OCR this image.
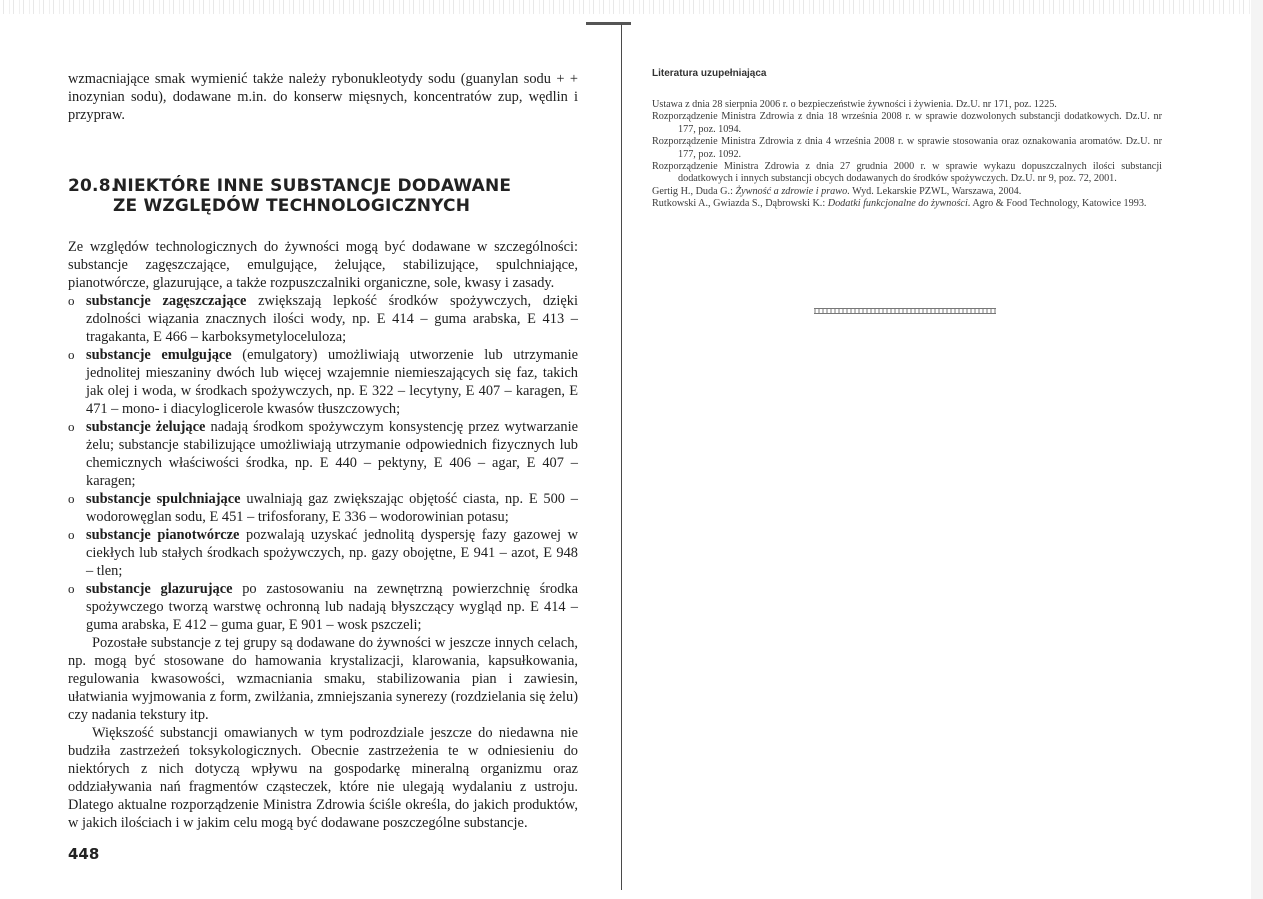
wzmacniające smak wymienić także należy rybonukleotydy sodu (guanylan sodu + + inozynian sodu), dodawane m.in. do konserw mięsnych, koncentratów zup, wędlin i przypraw.

20.8.NIEKTÓRE INNE SUBSTANCJE DODAWANE
ZE WZGLĘDÓW TECHNOLOGICZNYCH

Ze względów technologicznych do żywności mogą być dodawane w szczególności: substancje zagęszczające, emulgujące, żelujące, stabilizujące, spulchniające, pianotwórcze, glazurujące, a także rozpuszczalniki organiczne, sole, kwasy i zasady.

o substancje zagęszczające zwiększają lepkość środków spożywczych, dzięki zdolności wiązania znacznych ilości wody, np. E 414 – guma arabska, E 413 – tragakanta, E 466 – karboksymetyloceluloza;
o substancje emulgujące (emulgatory) umożliwiają utworzenie lub utrzymanie jednolitej mieszaniny dwóch lub więcej wzajemnie niemieszających się faz, takich jak olej i woda, w środkach spożywczych, np. E 322 – lecytyny, E 407 – karagen, E 471 – mono- i diacyloglicerole kwasów tłuszczowych;
o substancje żelujące nadają środkom spożywczym konsystencję przez wytwarzanie żelu; substancje stabilizujące umożliwiają utrzymanie odpowiednich fizycznych lub chemicznych właściwości środka, np. E 440 – pektyny, E 406 – agar, E 407 – karagen;
o substancje spulchniające uwalniają gaz zwiększając objętość ciasta, np. E 500 – wodorowęglan sodu, E 451 – trifosforany, E 336 – wodorowinian potasu;
o substancje pianotwórcze pozwalają uzyskać jednolitą dyspersję fazy gazowej w ciekłych lub stałych środkach spożywczych, np. gazy obojętne, E 941 – azot, E 948 – tlen;
o substancje glazurujące po zastosowaniu na zewnętrzną powierzchnię środka spożywczego tworzą warstwę ochronną lub nadają błyszczący wygląd np. E 414 – guma arabska, E 412 – guma guar, E 901 – wosk pszczeli;

Pozostałe substancje z tej grupy są dodawane do żywności w jeszcze innych celach, np. mogą być stosowane do hamowania krystalizacji, klarowania, kapsułkowania, regulowania kwasowości, wzmacniania smaku, stabilizowania pian i zawiesin, ułatwiania wyjmowania z form, zwilżania, zmniejszania synerezy (rozdzielania się żelu) czy nadania tekstury itp.

Większość substancji omawianych w tym podrozdziale jeszcze do niedawna nie budziła zastrzeżeń toksykologicznych. Obecnie zastrzeżenia te w odniesieniu do niektórych z nich dotyczą wpływu na gospodarkę mineralną organizmu oraz oddziaływania nań fragmentów cząsteczek, które nie ulegają wydalaniu z ustroju. Dlatego aktualne rozporządzenie Ministra Zdrowia ściśle określa, do jakich produktów, w jakich ilościach i w jakim celu mogą być dodawane poszczególne substancje.

448
Literatura uzupełniająca
Ustawa z dnia 28 sierpnia 2006 r. o bezpieczeństwie żywności i żywienia. Dz.U. nr 171, poz. 1225.
Rozporządzenie Ministra Zdrowia z dnia 18 września 2008 r. w sprawie dozwolonych substancji dodatkowych. Dz.U. nr 177, poz. 1094.
Rozporządzenie Ministra Zdrowia z dnia 4 września 2008 r. w sprawie stosowania oraz oznakowania aromatów. Dz.U. nr 177, poz. 1092.
Rozporządzenie Ministra Zdrowia z dnia 27 grudnia 2000 r. w sprawie wykazu dopuszczalnych ilości substancji dodatkowych i innych substancji obcych dodawanych do środków spożywczych. Dz.U. nr 9, poz. 72, 2001.
Gertig H., Duda G.: Żywność a zdrowie i prawo. Wyd. Lekarskie PZWL, Warszawa, 2004.
Rutkowski A., Gwiazda S., Dąbrowski K.: Dodatki funkcjonalne do żywności. Agro & Food Technology, Katowice 1993.
